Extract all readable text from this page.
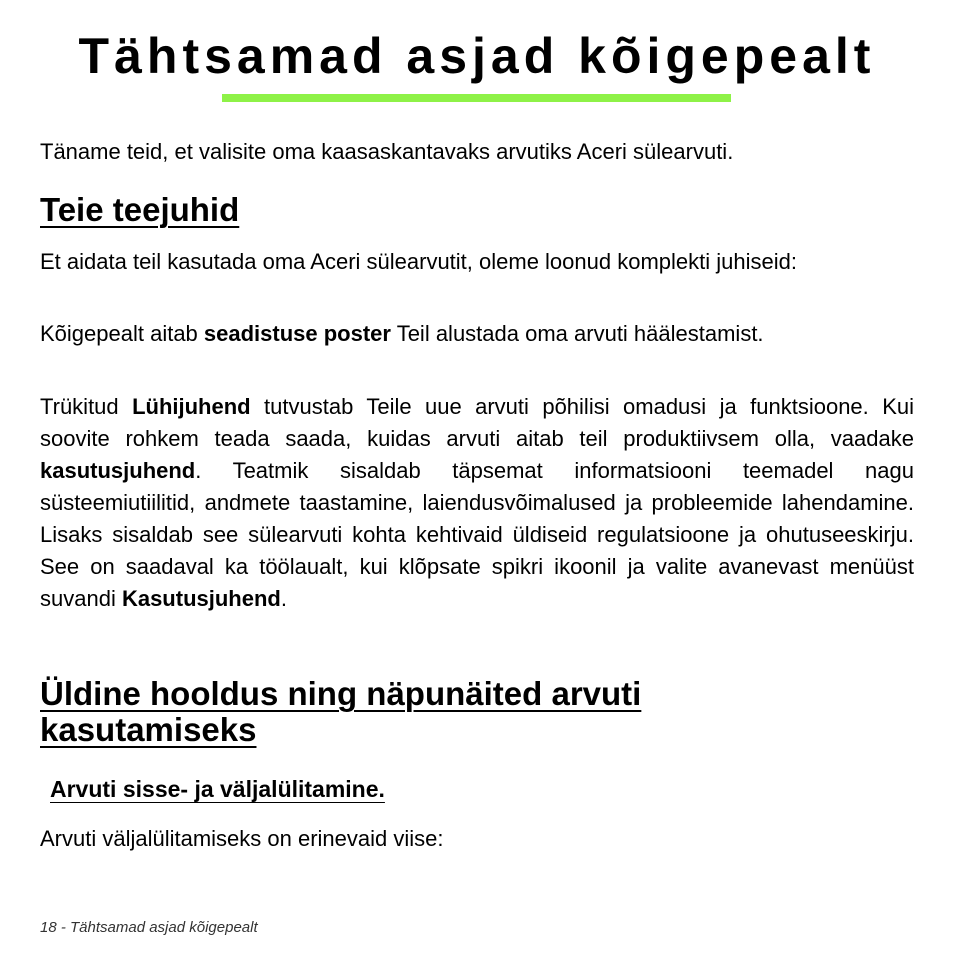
Tähtsamad asjad kõigepealt

Täname teid, et valisite oma kaasaskantavaks arvutiks Aceri sülearvuti.

Teie teejuhid

Et aidata teil kasutada oma Aceri sülearvutit, oleme loonud komplekti juhiseid:

Kõigepealt aitab seadistuse poster Teil alustada oma arvuti häälestamist.

Trükitud Lühijuhend tutvustab Teile uue arvuti põhilisi omadusi ja funktsioone. Kui soovite rohkem teada saada, kuidas arvuti aitab teil produktiivsem olla, vaadake kasutusjuhend. Teatmik sisaldab täpsemat informatsiooni teemadel nagu süsteemiutiilitid, andmete taastamine, laiendusvõimalused ja probleemide lahendamine. Lisaks sisaldab see sülearvuti kohta kehtivaid üldiseid regulatsioone ja ohutuseeskirju. See on saadaval ka töölaualt, kui klõpsate spikri ikoonil ja valite avanevast menüüst suvandi Kasutusjuhend.

Üldine hooldus ning näpunäited arvuti kasutamiseks
Arvuti sisse- ja väljalülitamine.

Arvuti väljalülitamiseks on erinevaid viise:

18 - Tähtsamad asjad kõigepealt
